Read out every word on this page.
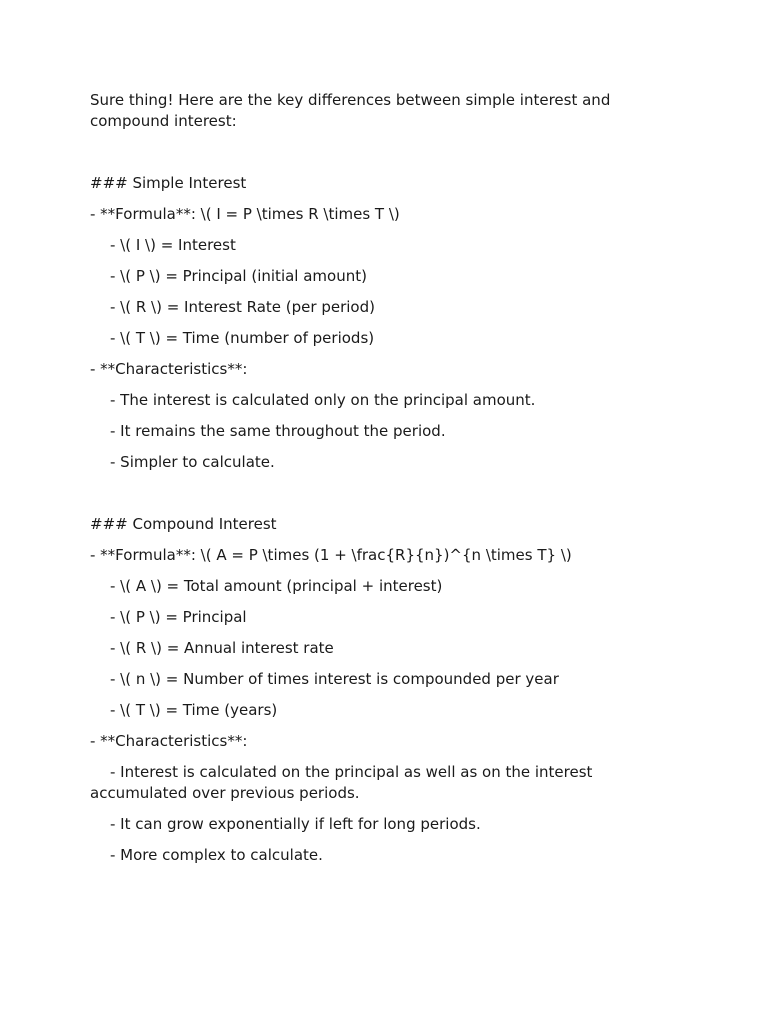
Sure thing! Here are the key differences between simple interest and compound interest:

### Simple Interest

- **Formula**: \( I = P \times R \times T \)

- \( I \) = Interest

- \( P \) = Principal (initial amount)

- \( R \) = Interest Rate (per period)

- \( T \) = Time (number of periods)

- **Characteristics**:

- The interest is calculated only on the principal amount.

- It remains the same throughout the period.

- Simpler to calculate.

### Compound Interest

- **Formula**: \( A = P \times (1 + \frac{R}{n})^{n \times T} \)

- \( A \) = Total amount (principal + interest)

- \( P \) = Principal

- \( R \) = Annual interest rate

- \( n \) = Number of times interest is compounded per year

- \( T \) = Time (years)

- **Characteristics**:

- Interest is calculated on the principal as well as on the interest accumulated over previous periods.

- It can grow exponentially if left for long periods.

- More complex to calculate.
